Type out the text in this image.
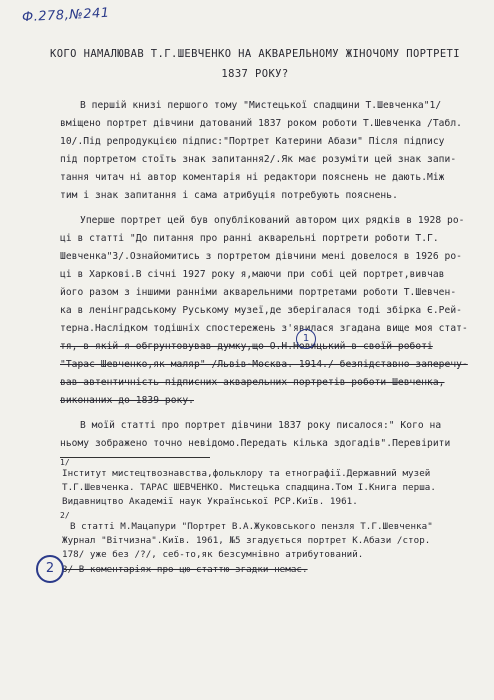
Ф.278,№241
КОГО НАМАЛЮВАВ Т.Г.ШЕВЧЕНКО НА АКВАРЕЛЬНОМУ ЖІНОЧОМУ ПОРТРЕТІ
1837 РОКУ?
В першій книзі першого тому "Мистецької спадщини Т.Шевченка"1/
вміщено портрет дівчини датований 1837 роком роботи Т.Шевченка /Табл.
10/.Під репродукцією підпис:"Портрет Катерини Абази" Після підпису
під портретом стоїть знак запитання2/.Як має розуміти цей знак запи-
тання читач ні автор коментарія ні редактори пояснень не дають.Між
тим і знак запитання і сама атрибуція потребують пояснень.
Уперше портрет цей був опублікований автором цих рядків в 1928 ро-
ці в статті "До питання про ранні акварельні портрети роботи Т.Г.
Шевченка"3/.Ознайомитись з портретом дівчини мені довелося в 1926 ро-
ці в Харкові.В січні 1927 року я,маючи при собі цей портрет,вивчав
його разом з іншими ранніми акварельними портретами роботи Т.Шевчен-
ка в ленінградському Руському музеї,де зберігалася тоді збірка Є.Рей-
терна.Наслідком тодішніх спостережень з'явилася згадана вище моя стат-
тя, в якій я обгрунтовував думку,що О.Н.Новицький в своїй роботі
"Тарас Шевченко,як маляр" /Львів-Москва. 1914./ безпідставно заперечу-
вав автентичність підписних акварельних портретів роботи Шевченка,
виконаних до 1839 року.
В моїй статті про портрет дівчини 1837 року писалося:" Кого на
ньому зображено точно невідомо.Передать кілька здогадів".Перевірити
1/
Інститут мистецтвознавства,фольклору та етнографії.Державний музей
Т.Г.Шевченка. ТАРАС ШЕВЧЕНКО. Мистецька спадщина.Том І.Книга перша.
Видавництво Академії наук Української РСР.Київ. 1961.
2/
В статті М.Мацапури "Портрет В.А.Жуковського пензля Т.Г.Шевченка"
Журнал "Вітчизна".Київ. 1961, №5 згадується портрет К.Абази /стор.
178/ уже без /?/, себ-то,як безсумнівно атрибутований.
3/ В коментаріях про цю статтю згадки немає.
1
2
